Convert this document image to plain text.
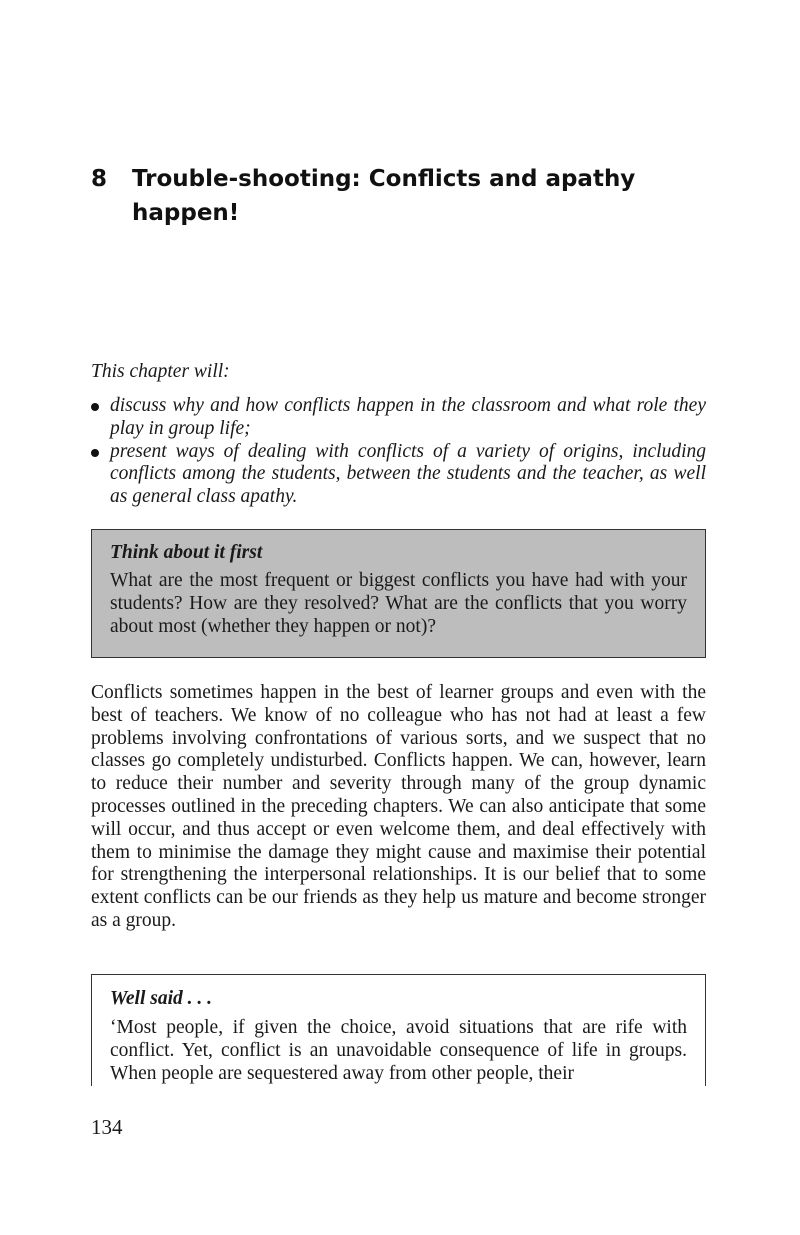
8	Trouble-shooting: Conflicts and apathy happen!
This chapter will:
discuss why and how conflicts happen in the classroom and what role they play in group life;
present ways of dealing with conflicts of a variety of origins, including conflicts among the students, between the students and the teacher, as well as general class apathy.
Think about it first

What are the most frequent or biggest conflicts you have had with your students? How are they resolved? What are the conflicts that you worry about most (whether they happen or not)?

Conflicts sometimes happen in the best of learner groups and even with the best of teachers. We know of no colleague who has not had at least a few problems involving confrontations of various sorts, and we suspect that no classes go completely undisturbed. Conflicts happen. We can, however, learn to reduce their number and severity through many of the group dynamic processes outlined in the preceding chapters. We can also anticipate that some will occur, and thus accept or even welcome them, and deal effectively with them to minimise the damage they might cause and maximise their potential for strengthening the interpersonal relationships. It is our belief that to some extent conflicts can be our friends as they help us mature and become stronger as a group.

Well said . . .

‘Most people, if given the choice, avoid situations that are rife with conflict. Yet, conflict is an unavoidable consequence of life in groups. When people are sequestered away from other people, their

134
